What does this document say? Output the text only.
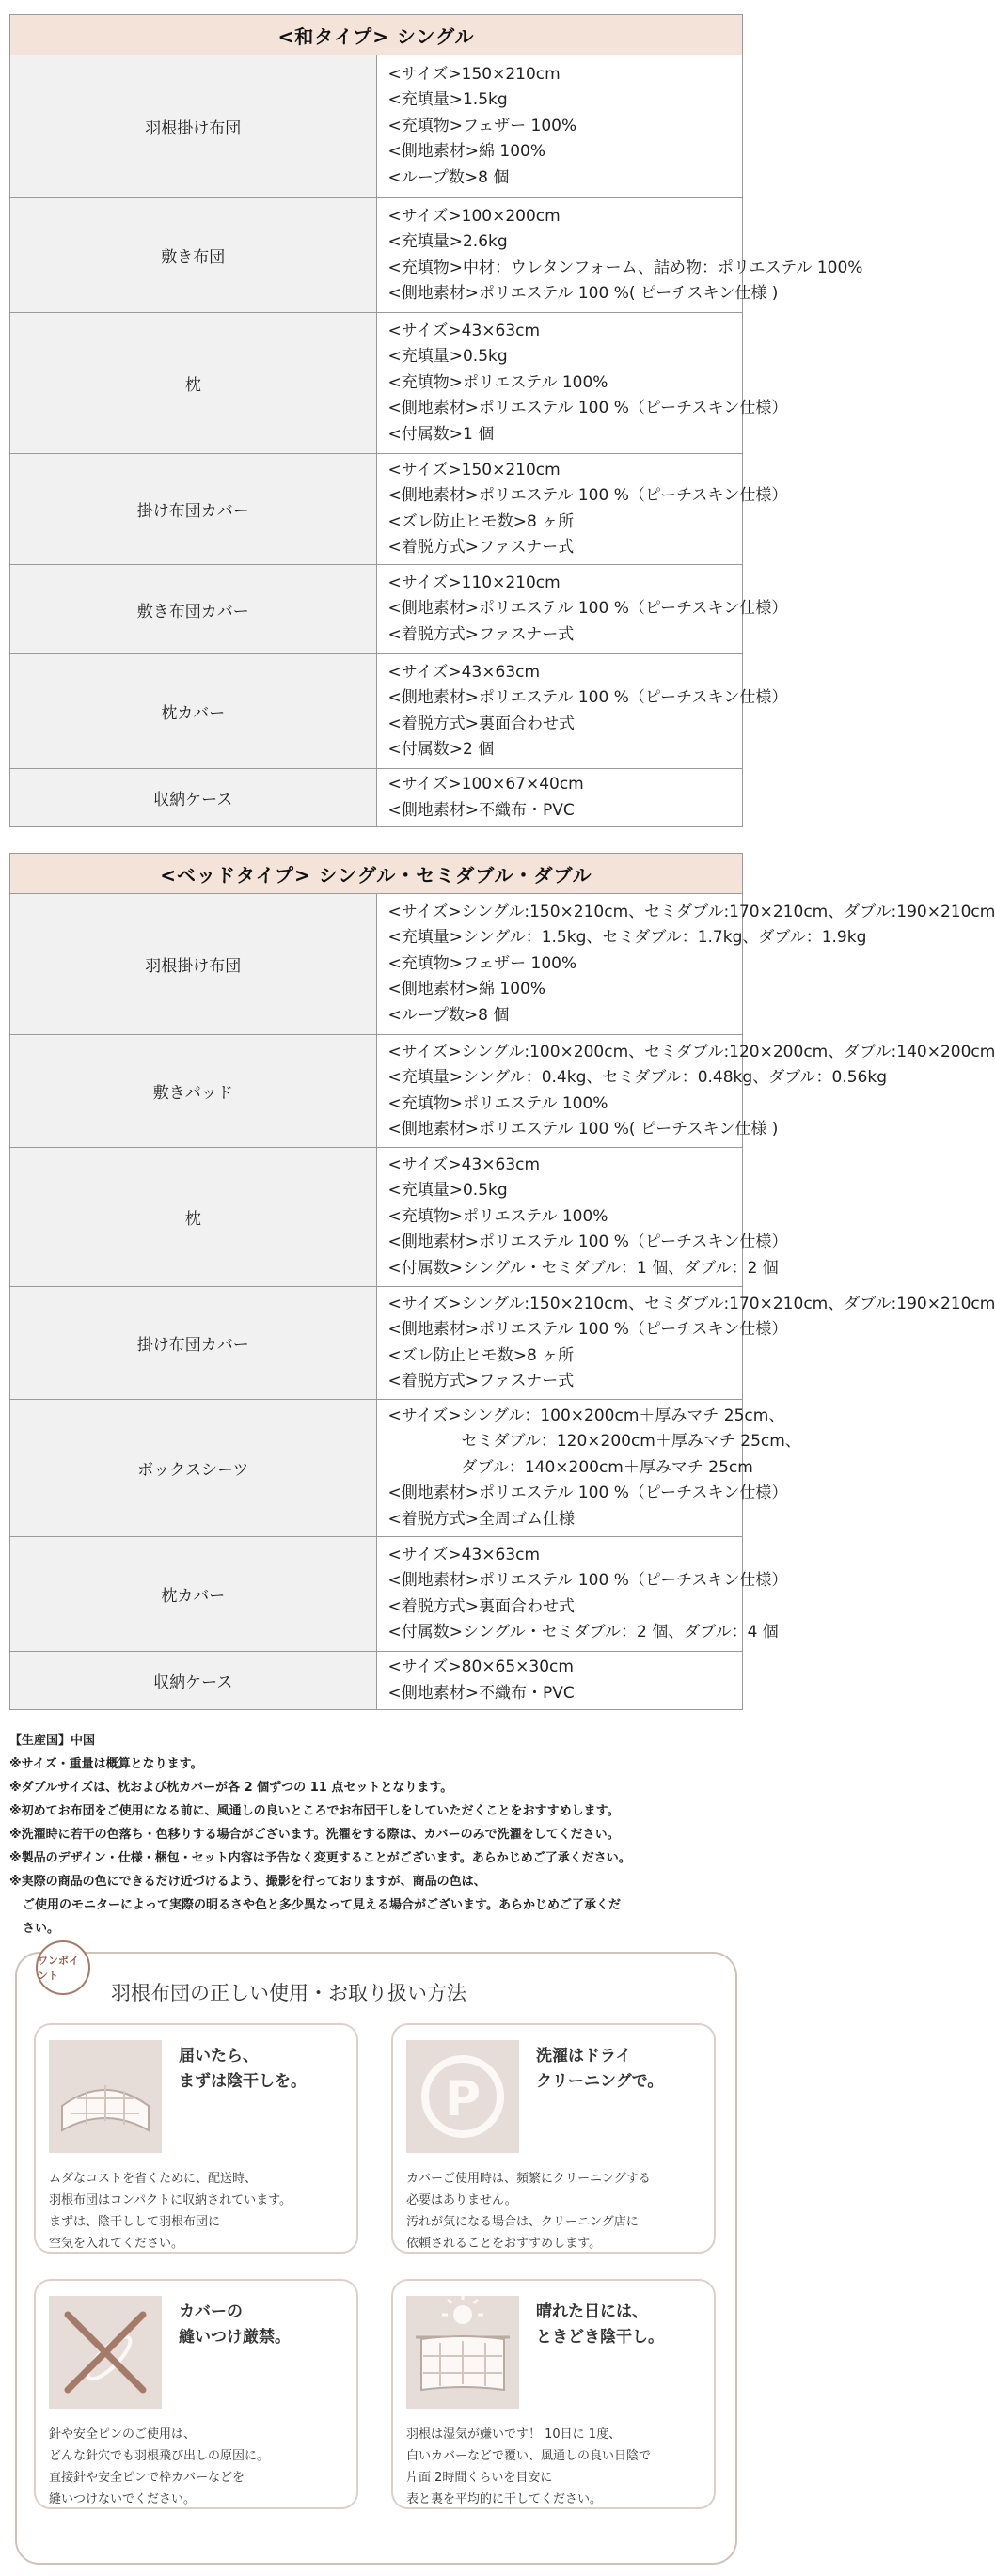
<和タイプ> シングル	
羽根掛け布団	<サイズ>150×210cm
<充填量>1.5kg
<充填物>フェザー 100%
<側地素材>綿 100%
<ループ数>8 個

敷き布団	<サイズ>100×200cm
<充填量>2.6kg
<充填物>中材：ウレタンフォーム、詰め物：ポリエステル 100%
<側地素材>ポリエステル 100 %( ピーチスキン仕様 )

枕	<サイズ>43×63cm
<充填量>0.5kg
<充填物>ポリエステル 100%
<側地素材>ポリエステル 100 %（ピーチスキン仕様）
<付属数>1 個

掛け布団カバー	<サイズ>150×210cm
<側地素材>ポリエステル 100 %（ピーチスキン仕様）
<ズレ防止ヒモ数>8 ヶ所
<着脱方式>ファスナー式

敷き布団カバー	<サイズ>110×210cm
<側地素材>ポリエステル 100 %（ピーチスキン仕様）
<着脱方式>ファスナー式

枕カバー	<サイズ>43×63cm
<側地素材>ポリエステル 100 %（ピーチスキン仕様）
<着脱方式>裏面合わせ式
<付属数>2 個

収納ケース	<サイズ>100×67×40cm
<側地素材>不織布・PVC
<ベッドタイプ> シングル・セミダブル・ダブル	
羽根掛け布団	<サイズ>シングル:150×210cm、セミダブル:170×210cm、ダブル:190×210cm
<充填量>シングル：1.5kg、セミダブル：1.7kg、ダブル：1.9kg
<充填物>フェザー 100%
<側地素材>綿 100%
<ループ数>8 個

敷きパッド	<サイズ>シングル:100×200cm、セミダブル:120×200cm、ダブル:140×200cm
<充填量>シングル：0.4kg、セミダブル：0.48kg、ダブル：0.56kg
<充填物>ポリエステル 100%
<側地素材>ポリエステル 100 %( ピーチスキン仕様 )

枕	<サイズ>43×63cm
<充填量>0.5kg
<充填物>ポリエステル 100%
<側地素材>ポリエステル 100 %（ピーチスキン仕様）
<付属数>シングル・セミダブル：1 個、ダブル：2 個

掛け布団カバー	<サイズ>シングル:150×210cm、セミダブル:170×210cm、ダブル:190×210cm
<側地素材>ポリエステル 100 %（ピーチスキン仕様）
<ズレ防止ヒモ数>8 ヶ所
<着脱方式>ファスナー式

ボックスシーツ	<サイズ>シングル：100×200cm＋厚みマチ 25cm、
セミダブル：120×200cm＋厚みマチ 25cm、
ダブル：140×200cm＋厚みマチ 25cm
<側地素材>ポリエステル 100 %（ピーチスキン仕様）
<着脱方式>全周ゴム仕様

枕カバー	<サイズ>43×63cm
<側地素材>ポリエステル 100 %（ピーチスキン仕様）
<着脱方式>裏面合わせ式
<付属数>シングル・セミダブル：2 個、ダブル：4 個

収納ケース	<サイズ>80×65×30cm
<側地素材>不織布・PVC
【生産国】中国
※サイズ・重量は概算となります。
※ダブルサイズは、枕および枕カバーが各 2 個ずつの 11 点セットとなります。
※初めてお布団をご使用になる前に、風通しの良いところでお布団干しをしていただくことをおすすめします。
※洗濯時に若干の色落ち・色移りする場合がございます。洗濯をする際は、カバーのみで洗濯をしてください。
※製品のデザイン・仕様・梱包・セット内容は予告なく変更することがございます。あらかじめご了承ください。
※実際の商品の色にできるだけ近づけるよう、撮影を行っておりますが、商品の色は、
ご使用のモニターによって実際の明るさや色と多少異なって見える場合がございます。あらかじめご了承くだ
さい。
ワンポイント
羽根布団の正しい使用・お取り扱い方法
届いたら、
まずは陰干しを。

ムダなコストを省くために、配送時、
羽根布団はコンパクトに収納されています。
まずは、陰干しして羽根布団に
空気を入れてください。

P
洗濯はドライ
クリーニングで。

カバーご使用時は、頻繁にクリーニングする
必要はありません。
汚れが気になる場合は、クリーニング店に
依頼されることをおすすめします。

カバーの
縫いつけ厳禁。

針や安全ピンのご使用は、
どんな針穴でも羽根飛び出しの原因に。
直接針や安全ピンで枠カバーなどを
縫いつけないでください。

晴れた日には、
ときどき陰干し。

羽根は湿気が嫌いです！ 10日に 1度、
白いカバーなどで覆い、風通しの良い日陰で
片面 2時間くらいを目安に
表と裏を平均的に干してください。
